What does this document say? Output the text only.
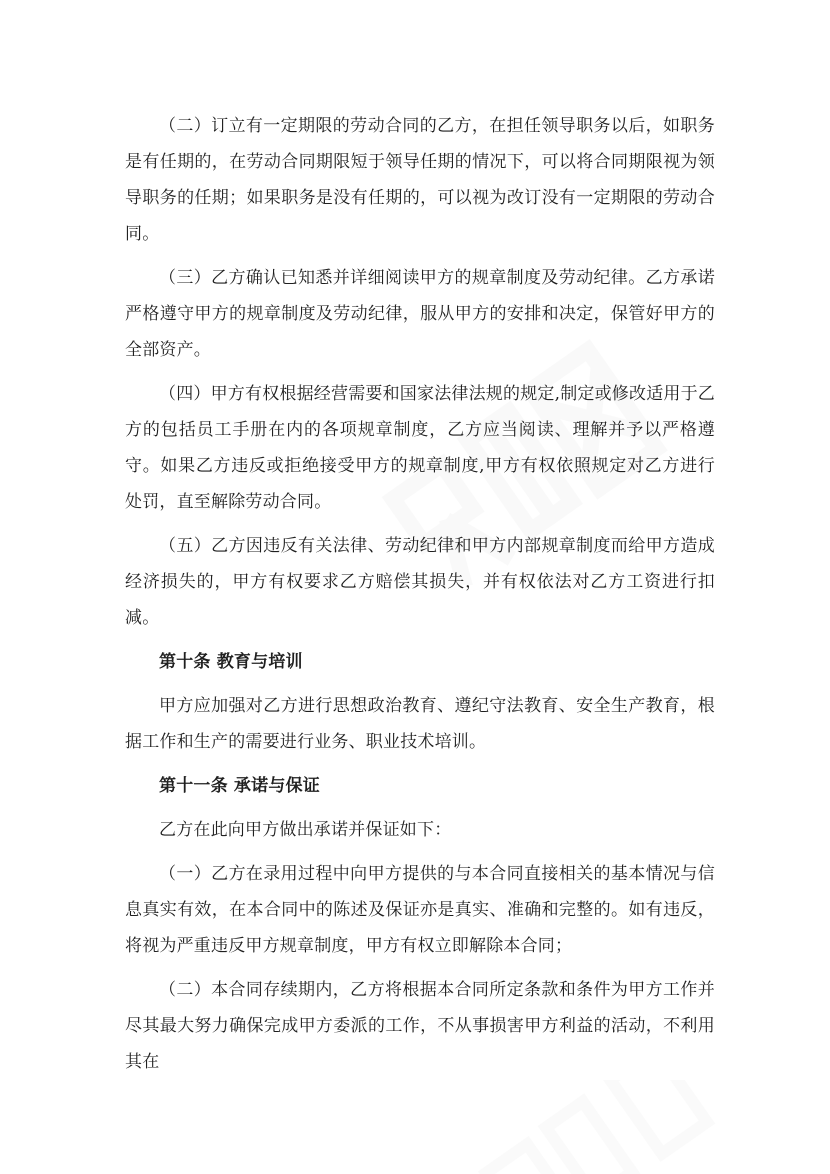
（二）订立有一定期限的劳动合同的乙方，在担任领导职务以后，如职务是有任期的，在劳动合同期限短于领导任期的情况下，可以将合同期限视为领导职务的任期；如果职务是没有任期的，可以视为改订没有一定期限的劳动合同。

（三）乙方确认已知悉并详细阅读甲方的规章制度及劳动纪律。乙方承诺严格遵守甲方的规章制度及劳动纪律，服从甲方的安排和决定，保管好甲方的全部资产。

（四）甲方有权根据经营需要和国家法律法规的规定,制定或修改适用于乙方的包括员工手册在内的各项规章制度，乙方应当阅读、理解并予以严格遵守。如果乙方违反或拒绝接受甲方的规章制度,甲方有权依照规定对乙方进行处罚，直至解除劳动合同。

（五）乙方因违反有关法律、劳动纪律和甲方内部规章制度而给甲方造成经济损失的，甲方有权要求乙方赔偿其损失，并有权依法对乙方工资进行扣减。

第十条 教育与培训

甲方应加强对乙方进行思想政治教育、遵纪守法教育、安全生产教育，根据工作和生产的需要进行业务、职业技术培训。

第十一条 承诺与保证

乙方在此向甲方做出承诺并保证如下：

（一）乙方在录用过程中向甲方提供的与本合同直接相关的基本情况与信息真实有效，在本合同中的陈述及保证亦是真实、准确和完整的。如有违反，将视为严重违反甲方规章制度，甲方有权立即解除本合同；

（二）本合同存续期内，乙方将根据本合同所定条款和条件为甲方工作并尽其最大努力确保完成甲方委派的工作，不从事损害甲方利益的活动，不利用其在
